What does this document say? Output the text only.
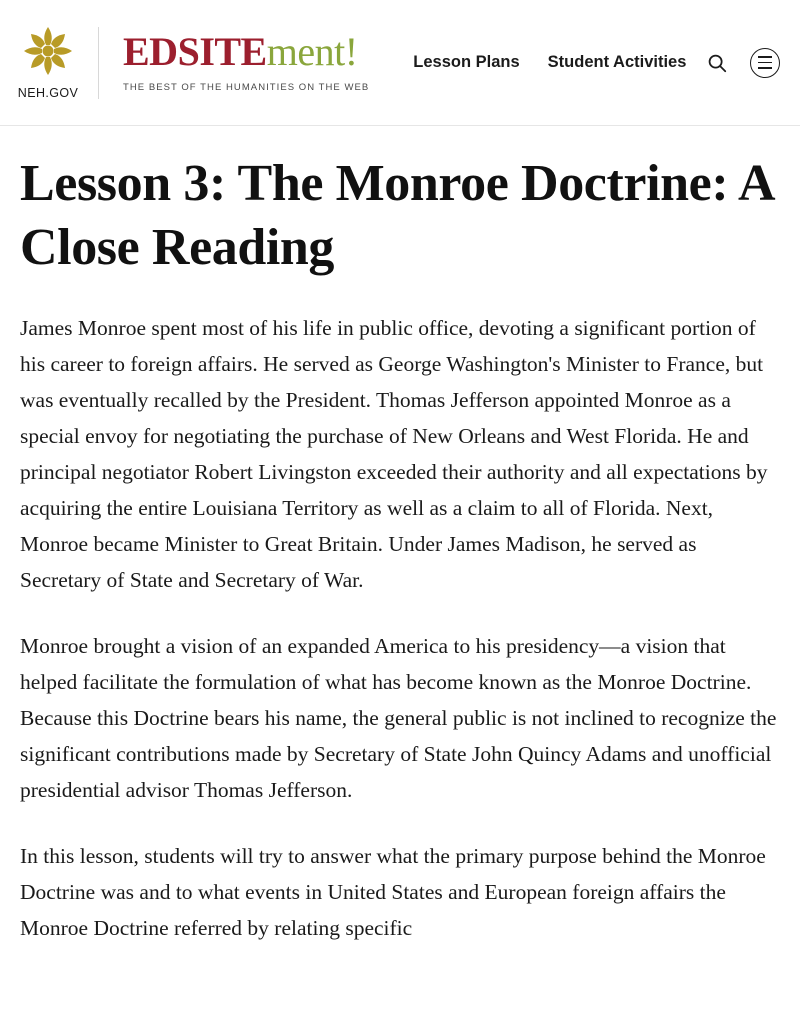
NEH.GOV
EDSITEment!
THE BEST OF THE HUMANITIES ON THE WEB
Lesson Plans Student Activities
Lesson 3: The Monroe Doctrine: A Close Reading

James Monroe spent most of his life in public office, devoting a significant portion of his career to foreign affairs. He served as George Washington's Minister to France, but was eventually recalled by the President. Thomas Jefferson appointed Monroe as a special envoy for negotiating the purchase of New Orleans and West Florida. He and principal negotiator Robert Livingston exceeded their authority and all expectations by acquiring the entire Louisiana Territory as well as a claim to all of Florida. Next, Monroe became Minister to Great Britain. Under James Madison, he served as Secretary of State and Secretary of War.

Monroe brought a vision of an expanded America to his presidency—a vision that helped facilitate the formulation of what has become known as the Monroe Doctrine. Because this Doctrine bears his name, the general public is not inclined to recognize the significant contributions made by Secretary of State John Quincy Adams and unofficial presidential advisor Thomas Jefferson.

In this lesson, students will try to answer what the primary purpose behind the Monroe Doctrine was and to what events in United States and European foreign affairs the Monroe Doctrine referred by relating specific
